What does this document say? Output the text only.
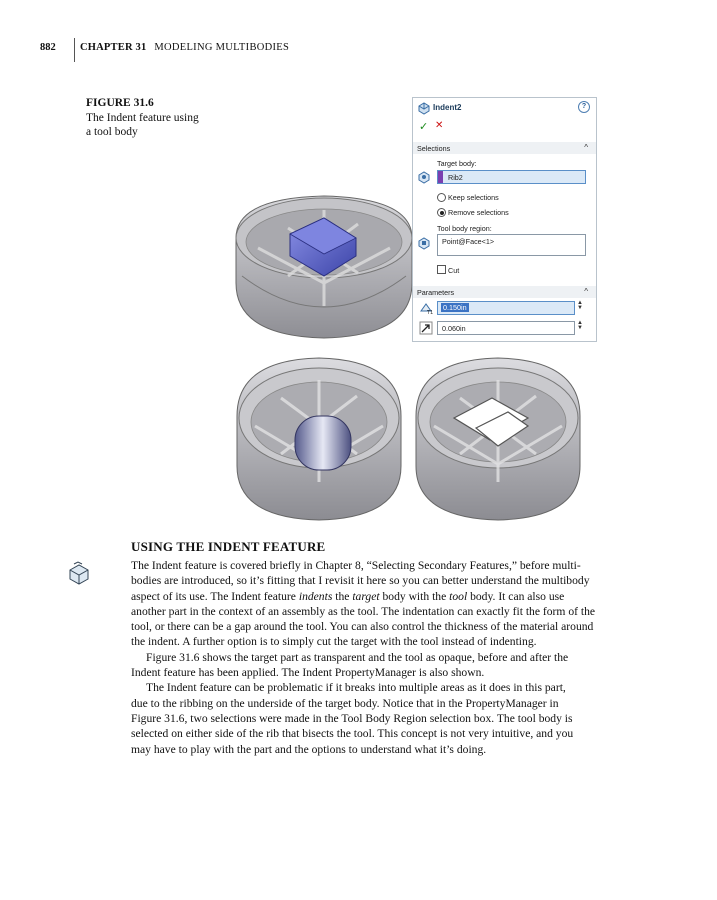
882 CHAPTER 31 MODELING MULTIBODIES
FIGURE 31.6
The Indent feature using
a tool body
Indent2	?
✓ ✕
Selections	^
Target body:
Rib2
Keep selections
Remove selections
Tool body region:
Point@Face<1>
Cut
Parameters	^
T1
0.150in	▲
▼
0.060in
▲
▼
USING THE INDENT FEATURE

The Indent feature is covered briefly in Chapter 8, “Selecting Secondary Features,” before multi-
bodies are introduced, so it’s fitting that I revisit it here so you can better understand the multibody
aspect of its use. The Indent feature indents the target body with the tool body. It can also use
another part in the context of an assembly as the tool. The indentation can exactly fit the form of the
tool, or there can be a gap around the tool. You can also control the thickness of the material around
the indent. A further option is to simply cut the target with the tool instead of indenting.

Figure 31.6 shows the target part as transparent and the tool as opaque, before and after the
Indent feature has been applied. The Indent PropertyManager is also shown.

The Indent feature can be problematic if it breaks into multiple areas as it does in this part,
due to the ribbing on the underside of the target body. Notice that in the PropertyManager in
Figure 31.6, two selections were made in the Tool Body Region selection box. The tool body is
selected on either side of the rib that bisects the tool. This concept is not very intuitive, and you
may have to play with the part and the options to understand what it’s doing.
